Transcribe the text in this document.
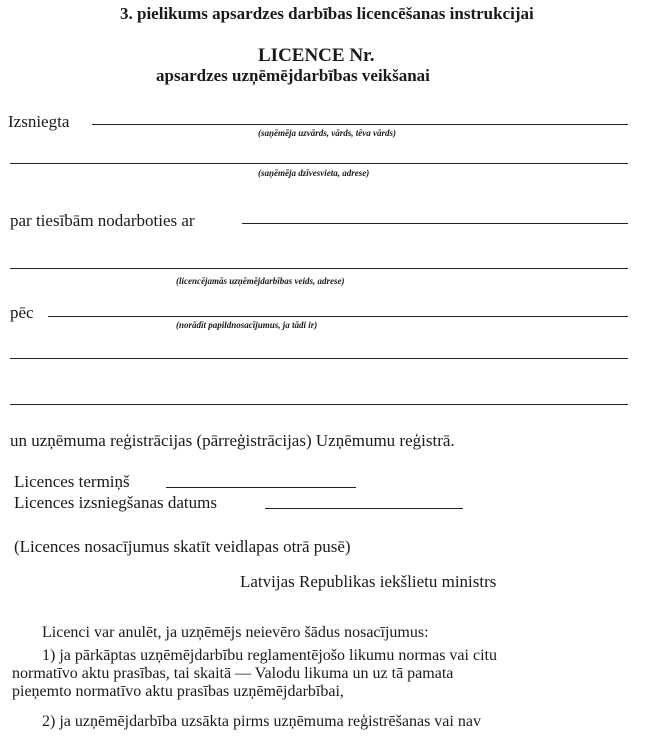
3. pielikums apsardzes darbības licencēšanas instrukcijai
LICENCE Nr.
apsardzes uzņēmējdarbības veikšanai
Izsniegta
(saņēmēja uzvārds, vārds, tēva vārds)
(saņēmēja dzīvesvieta, adrese)
par tiesībām nodarboties ar
(licencējamās uzņēmējdarbības veids, adrese)
pēc
(norādīt papildnosacījumus, ja tādi ir)
un uzņēmuma reģistrācijas (pārreģistrācijas) Uzņēmumu reģistrā.
Licences termiņš
Licences izsniegšanas datums
(Licences nosacījumus skatīt veidlapas otrā pusē)
Latvijas Republikas iekšlietu ministrs
Licenci var anulēt, ja uzņēmējs neievēro šādus nosacījumus:
1) ja pārkāptas uzņēmējdarbību reglamentējošo likumu normas vai citu
normatīvo aktu prasības, tai skaitā — Valodu likuma un uz tā pamata
pieņemto normatīvo aktu prasības uzņēmējdarbībai,
2) ja uzņēmējdarbība uzsākta pirms uzņēmuma reģistrēšanas vai nav
